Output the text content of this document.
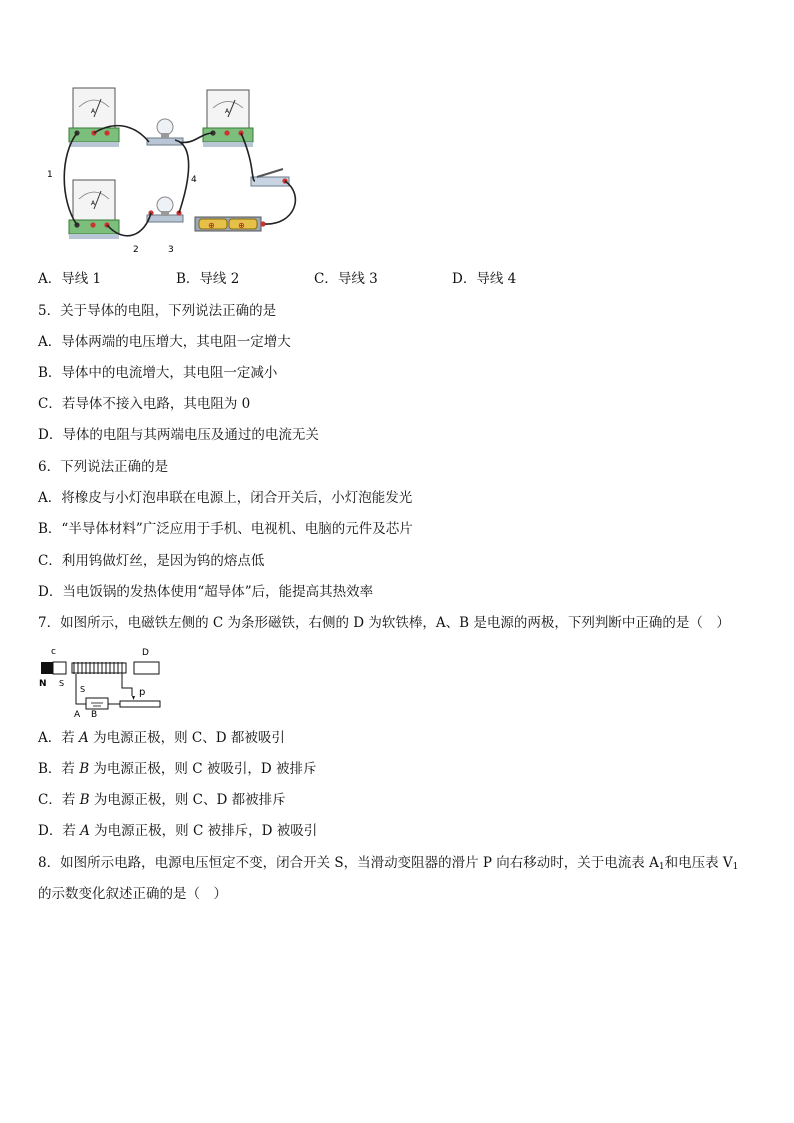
A	A
A
⊕	⊕
1
2	3
4
A．导线 1	B．导线 2	C．导线 3	D．导线 4
5．关于导体的电阻，下列说法正确的是
A．导体两端的电压增大，其电阻一定增大
B．导体中的电流增大，其电阻一定减小
C．若导体不接入电路，其电阻为 0
D．导体的电阻与其两端电压及通过的电流无关
6．下列说法正确的是
A．将橡皮与小灯泡串联在电源上，闭合开关后，小灯泡能发光
B．“半导体材料”广泛应用于手机、电视机、电脑的元件及芯片
C．利用钨做灯丝，是因为钨的熔点低
D．当电饭锅的发热体使用“超导体”后，能提高其热效率
7．如图所示，电磁铁左侧的 C 为条形磁铁，右侧的 D 为软铁棒，A、B 是电源的两极，下列判断中正确的是（　）
c	D
N S
S	p
A B
A．若 A 为电源正极，则 C、D 都被吸引
B．若 B 为电源正极，则 C 被吸引，D 被排斥
C．若 B 为电源正极，则 C、D 都被排斥
D．若 A 为电源正极，则 C 被排斥，D 被吸引
8．如图所示电路，电源电压恒定不变，闭合开关 S，当滑动变阻器的滑片 P 向右移动时，关于电流表 $A_1$和电压表 $V_1$
的示数变化叙述正确的是（　）
